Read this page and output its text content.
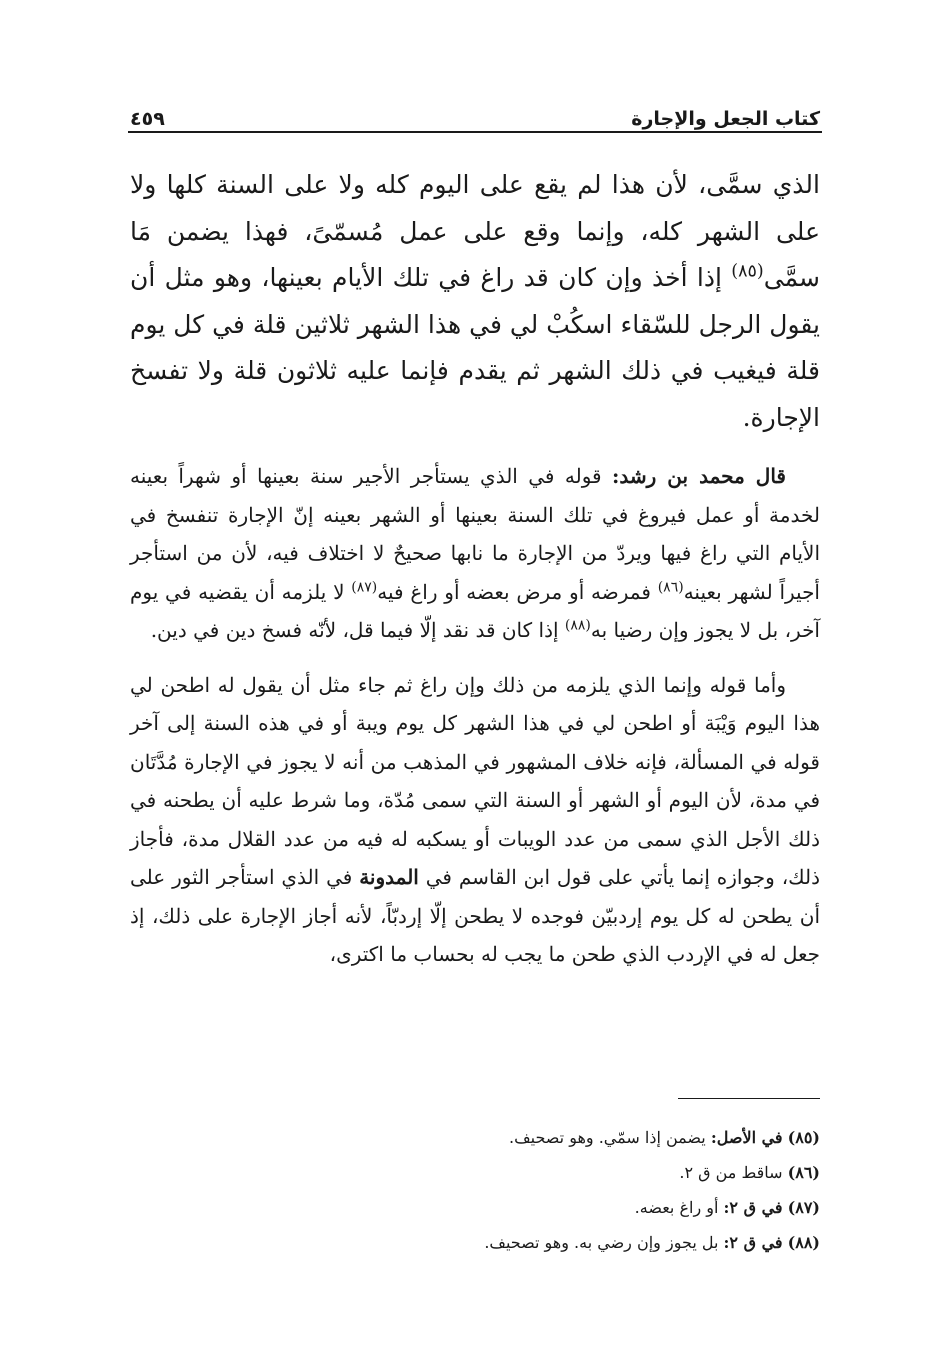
كتاب الجعل والإجارة
٤٥٩

الذي سمَّى، لأن هذا لم يقع على اليوم كله ولا على السنة كلها ولا على الشهر كله، وإنما وقع على عمل مُسمّىً، فهذا يضمن مَا سمَّى$^{(٨٥)}$ إذا أخذ وإن كان قد راغ في تلك الأيام بعينها، وهو مثل أن يقول الرجل للسّقاء اسكُبْ لي في هذا الشهر ثلاثين قلة في كل يوم قلة فيغيب في ذلك الشهر ثم يقدم فإنما عليه ثلاثون قلة ولا تفسخ الإجارة.

قال محمد بن رشد: قوله في الذي يستأجر الأجير سنة بعينها أو شهراً بعينه لخدمة أو عمل فيروغ في تلك السنة بعينها أو الشهر بعينه إنّ الإجارة تنفسخ في الأيام التي راغ فيها ويردّ من الإجارة ما نابها صحيحٌ لا اختلاف فيه، لأن من استأجر أجيراً لشهر بعينه$^{(٨٦)}$ فمرضه أو مرض بعضه أو راغ فيه$^{(٨٧)}$ لا يلزمه أن يقضيه في يوم آخر، بل لا يجوز وإن رضيا به$^{(٨٨)}$ إذا كان قد نقد إلّا فيما قل، لأنّه فسخ دين في دين.

وأما قوله وإنما الذي يلزمه من ذلك وإن راغ ثم جاء مثل أن يقول له اطحن لي هذا اليوم وَيْبَة أو اطحن لي في هذا الشهر كل يوم ويبة أو في هذه السنة إلى آخر قوله في المسألة، فإنه خلاف المشهور في المذهب من أنه لا يجوز في الإجارة مُدَّتَان في مدة، لأن اليوم أو الشهر أو السنة التي سمى مُدّة، وما شرط عليه أن يطحنه في ذلك الأجل الذي سمى من عدد الويبات أو يسكبه له فيه من عدد القلال مدة، فأجاز ذلك، وجوازه إنما يأتي على قول ابن القاسم في المدونة في الذي استأجر الثور على أن يطحن له كل يوم إردبيّن فوجده لا يطحن إلّا إردبّاً، لأنه أجاز الإجارة على ذلك، إذ جعل له في الإردب الذي طحن ما يجب له بحساب ما اكترى،

(٨٥) في الأصل: يضمن إذا سمّي. وهو تصحيف.

(٨٦) ساقط من ق ٢.

(٨٧) في ق ٢: أو راغ بعضه.

(٨٨) في ق ٢: بل يجوز وإن رضي به. وهو تصحيف.
